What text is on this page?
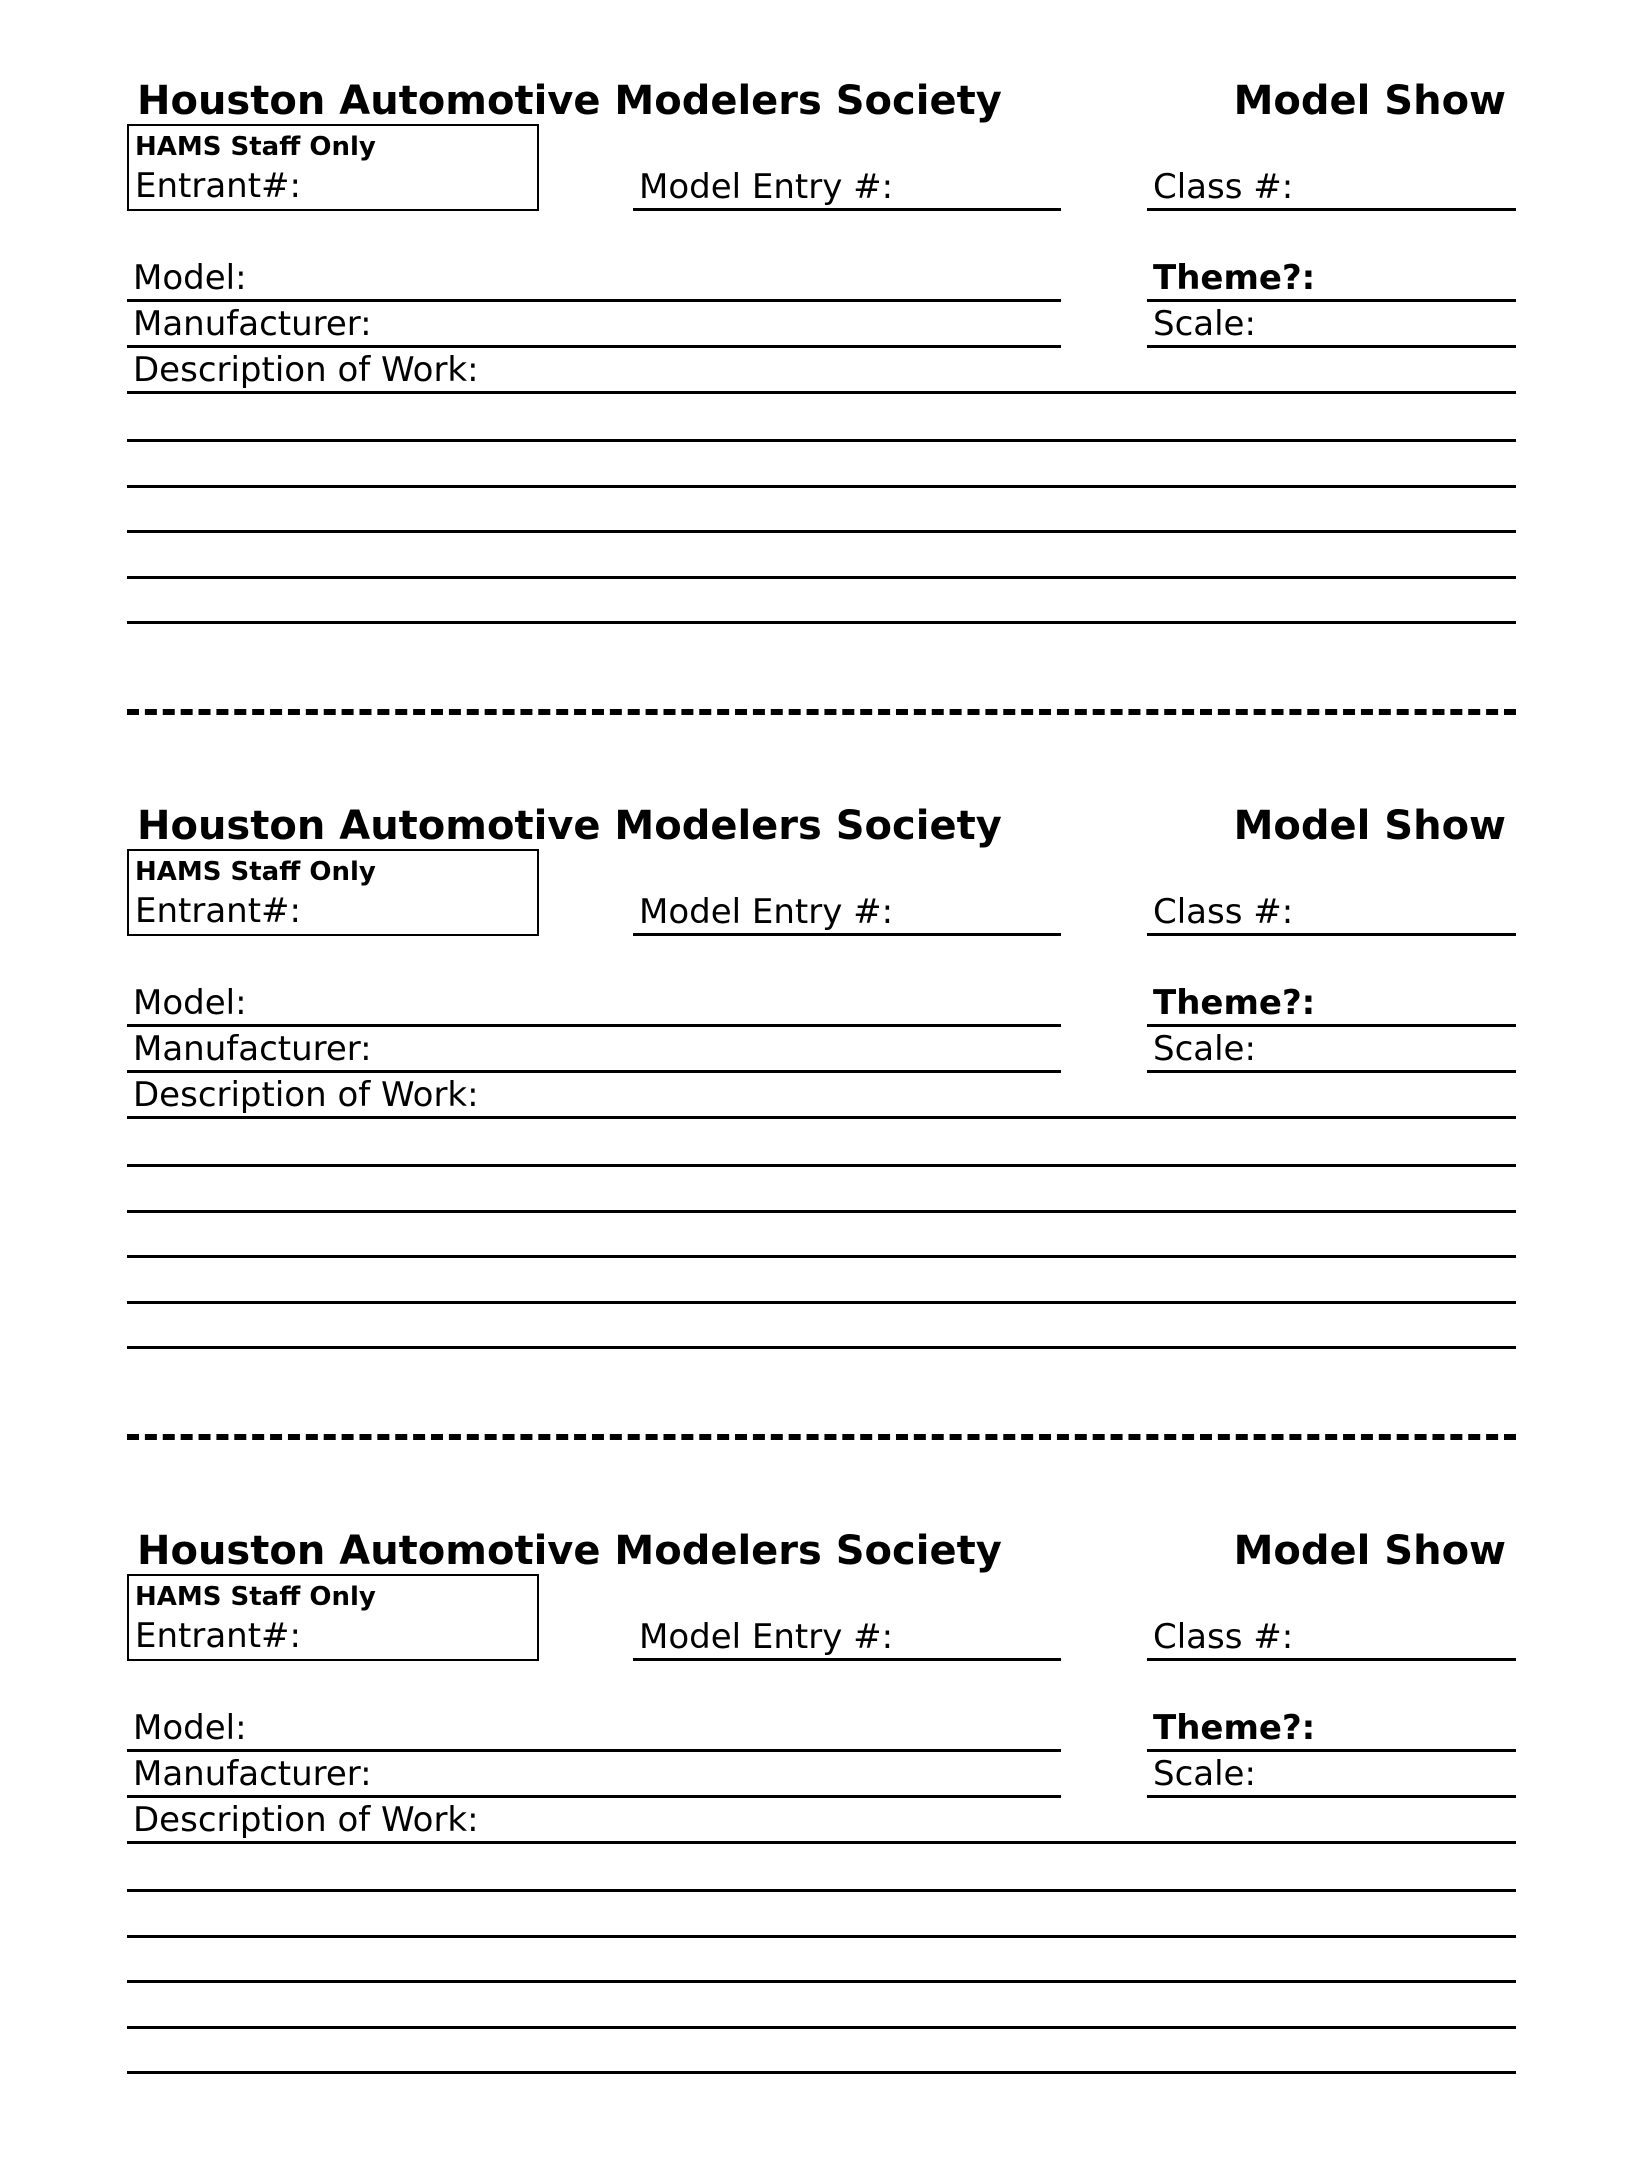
Houston Automotive Modelers Society	Model Show
HAMS Staff Only
Entrant#:	Model Entry #:	Class #:
Model:	Theme?:
Manufacturer:	Scale:
Description of Work:
Houston Automotive Modelers Society	Model Show
HAMS Staff Only
Entrant#:	Model Entry #:	Class #:
Model:	Theme?:
Manufacturer:	Scale:
Description of Work:
Houston Automotive Modelers Society	Model Show
HAMS Staff Only
Entrant#:	Model Entry #:	Class #:
Model:	Theme?:
Manufacturer:	Scale:
Description of Work:
